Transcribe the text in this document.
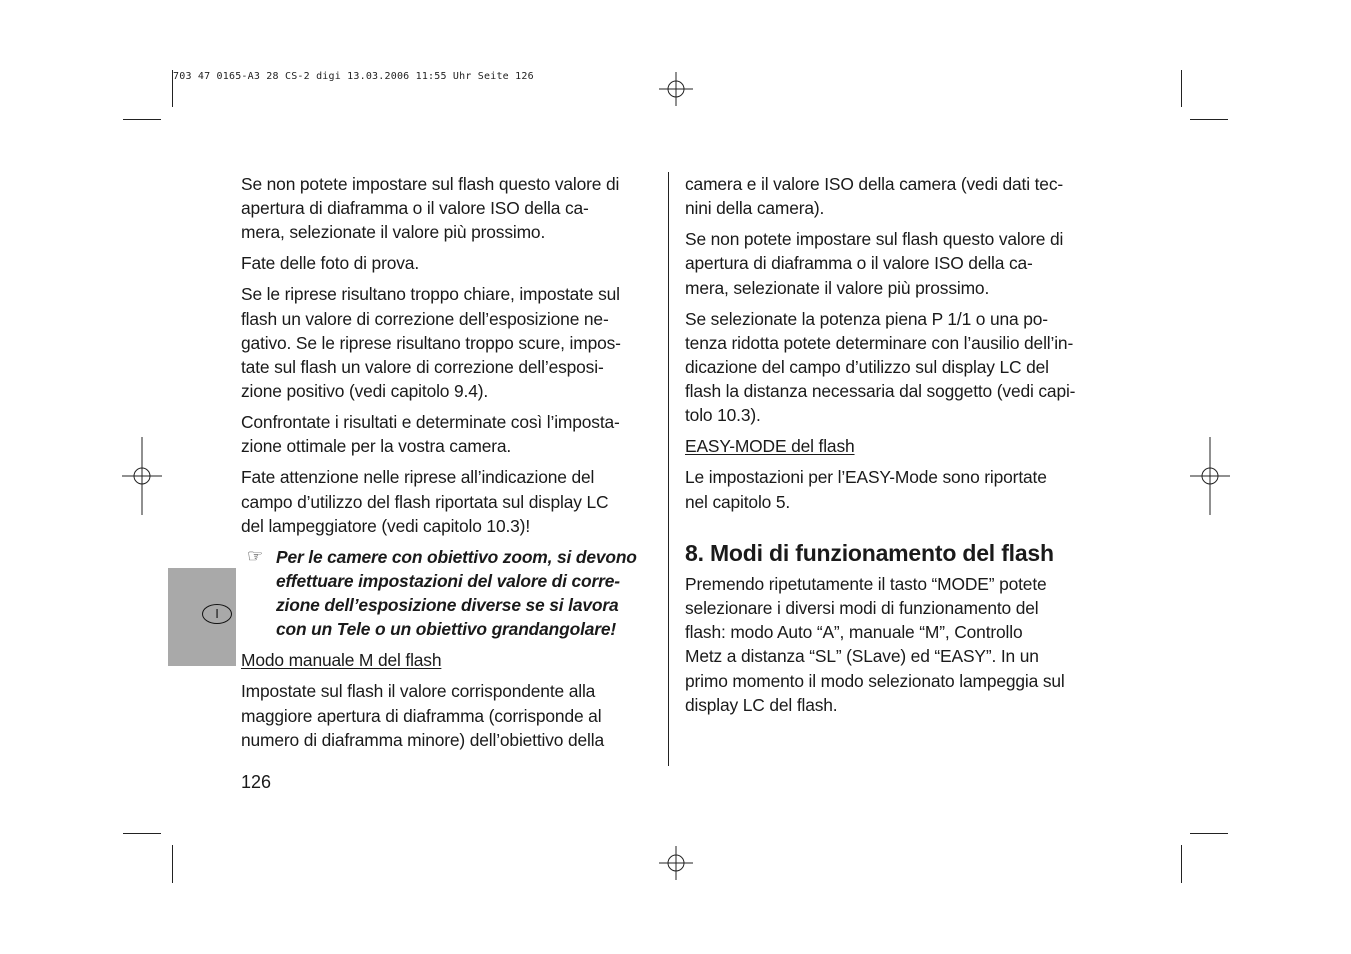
703 47 0165-A3 28 CS-2 digi 13.03.2006 11:55 Uhr Seite 126
I

Se non potete impostare sul flash questo valore di
apertura di diaframma o il valore ISO della ca-
mera, selezionate il valore più prossimo.

Fate delle foto di prova.

Se le riprese risultano troppo chiare, impostate sul
flash un valore di correzione dell’esposizione ne-
gativo. Se le riprese risultano troppo scure, impos-
tate sul flash un valore di correzione dell’esposi-
zione positivo (vedi capitolo 9.4).

Confrontate i risultati e determinate così l’imposta-
zione ottimale per la vostra camera.

Fate attenzione nelle riprese all’indicazione del
campo d’utilizzo del flash riportata sul display LC
del lampeggiatore (vedi capitolo 10.3)!

☞ Per le camere con obiettivo zoom, si devono
effettuare impostazioni del valore di corre-
zione dell’esposizione diverse se si lavora
con un Tele o un obiettivo grandangolare!

Modo manuale M del flash

Impostate sul flash il valore corrispondente alla
maggiore apertura di diaframma (corrisponde al
numero di diaframma minore) dell’obiettivo della

camera e il valore ISO della camera (vedi dati tec-
nini della camera).

Se non potete impostare sul flash questo valore di
apertura di diaframma o il valore ISO della ca-
mera, selezionate il valore più prossimo.

Se selezionate la potenza piena P 1/1 o una po-
tenza ridotta potete determinare con l’ausilio dell’in-
dicazione del campo d’utilizzo sul display LC del
flash la distanza necessaria dal soggetto (vedi capi-
tolo 10.3).

EASY-MODE del flash

Le impostazioni per l’EASY-Mode sono riportate
nel capitolo 5.

8. Modi di funzionamento del flash

Premendo ripetutamente il tasto “MODE” potete
selezionare i diversi modi di funzionamento del
flash: modo Auto “A”, manuale “M”, Controllo
Metz a distanza “SL” (SLave) ed “EASY”. In un
primo momento il modo selezionato lampeggia sul
display LC del flash.

126
